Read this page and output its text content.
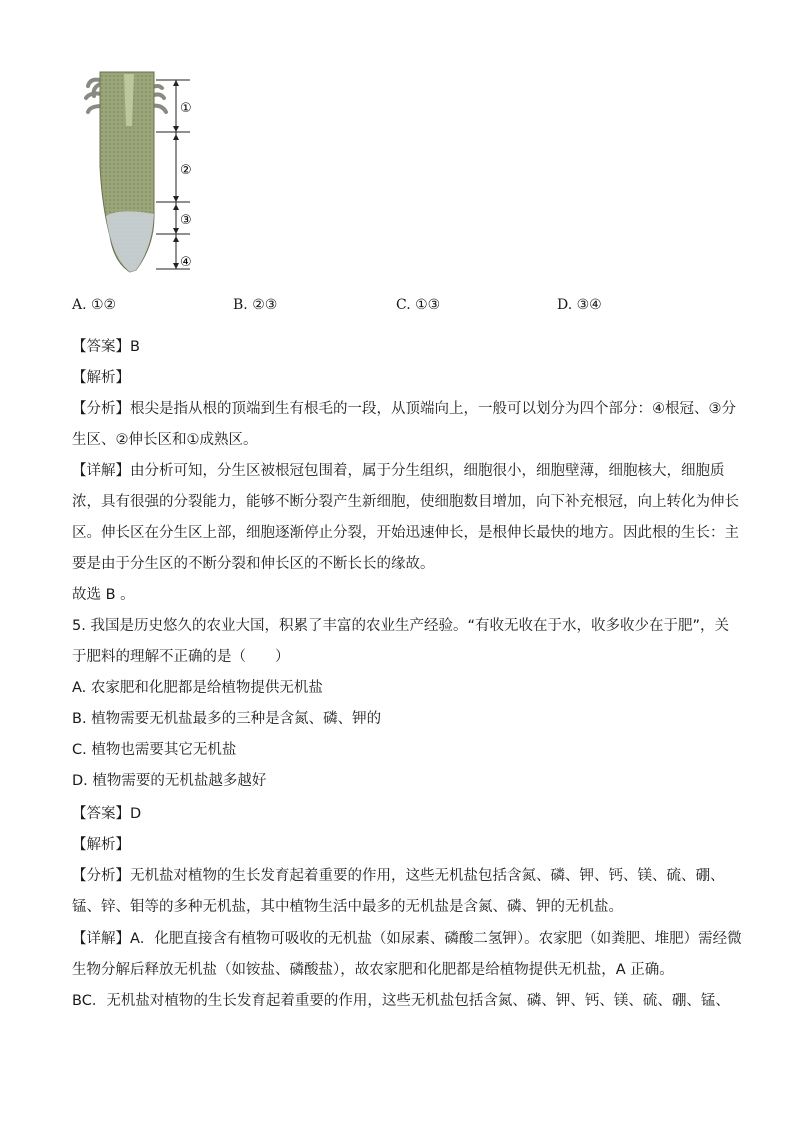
①
②
③
④
A. ①②	B. ②③	C. ①③	D. ③④
【答案】B
【解析】
【分析】根尖是指从根的顶端到生有根毛的一段，从顶端向上，一般可以划分为四个部分：④根冠、③分
生区、②伸长区和①成熟区。
【详解】由分析可知，分生区被根冠包围着，属于分生组织，细胞很小，细胞壁薄，细胞核大，细胞质
浓，具有很强的分裂能力，能够不断分裂产生新细胞，使细胞数目增加，向下补充根冠，向上转化为伸长
区。伸长区在分生区上部，细胞逐渐停止分裂，开始迅速伸长，是根伸长最快的地方。因此根的生长：主
要是由于分生区的不断分裂和伸长区的不断长长的缘故。
故选 B 。
5. 我国是历史悠久的农业大国，积累了丰富的农业生产经验。“有收无收在于水，收多收少在于肥”，关
于肥料的理解不正确的是（　　）
A. 农家肥和化肥都是给植物提供无机盐
B. 植物需要无机盐最多的三种是含氮、磷、钾的
C. 植物也需要其它无机盐
D. 植物需要的无机盐越多越好
【答案】D
【解析】
【分析】无机盐对植物的生长发育起着重要的作用，这些无机盐包括含氮、磷、钾、钙、镁、硫、硼、
锰、锌、钼等的多种无机盐，其中植物生活中最多的无机盐是含氮、磷、钾的无机盐。
【详解】A．化肥直接含有植物可吸收的无机盐（如尿素、磷酸二氢钾）。农家肥（如粪肥、堆肥）需经微
生物分解后释放无机盐（如铵盐、磷酸盐），故农家肥和化肥都是给植物提供无机盐，A 正确。
BC．无机盐对植物的生长发育起着重要的作用，这些无机盐包括含氮、磷、钾、钙、镁、硫、硼、锰、
